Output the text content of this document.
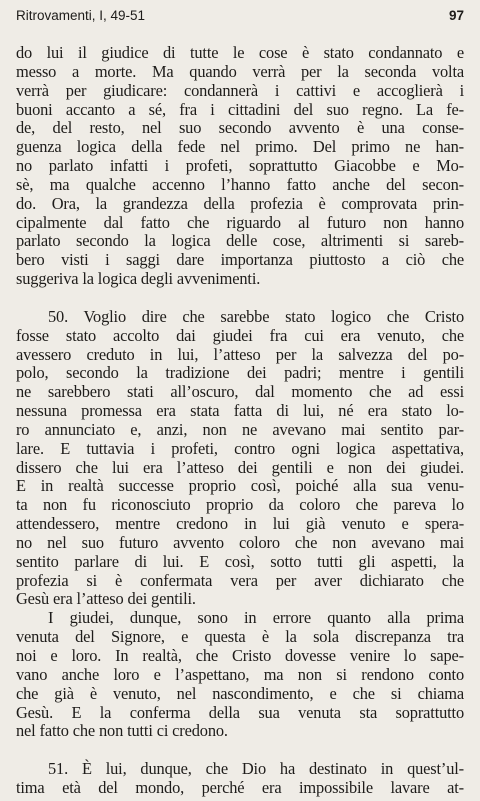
Ritrovamenti, I, 49-51	97
do lui il giudice di tutte le cose è stato condannato e
messo a morte. Ma quando verrà per la seconda volta
verrà per giudicare: condannerà i cattivi e accoglierà i
buoni accanto a sé, fra i cittadini del suo regno. La fe-
de, del resto, nel suo secondo avvento è una conse-
guenza logica della fede nel primo. Del primo ne han-
no parlato infatti i profeti, soprattutto Giacobbe e Mo-
sè, ma qualche accenno l’hanno fatto anche del secon-
do. Ora, la grandezza della profezia è comprovata prin-
cipalmente dal fatto che riguardo al futuro non hanno
parlato secondo la logica delle cose, altrimenti si sareb-
bero visti i saggi dare importanza piuttosto a ciò che
suggeriva la logica degli avvenimenti.
50. Voglio dire che sarebbe stato logico che Cristo
fosse stato accolto dai giudei fra cui era venuto, che
avessero creduto in lui, l’atteso per la salvezza del po-
polo, secondo la tradizione dei padri; mentre i gentili
ne sarebbero stati all’oscuro, dal momento che ad essi
nessuna promessa era stata fatta di lui, né era stato lo-
ro annunciato e, anzi, non ne avevano mai sentito par-
lare. E tuttavia i profeti, contro ogni logica aspettativa,
dissero che lui era l’atteso dei gentili e non dei giudei.
E in realtà successe proprio così, poiché alla sua venu-
ta non fu riconosciuto proprio da coloro che pareva lo
attendessero, mentre credono in lui già venuto e spera-
no nel suo futuro avvento coloro che non avevano mai
sentito parlare di lui. E così, sotto tutti gli aspetti, la
profezia si è confermata vera per aver dichiarato che
Gesù era l’atteso dei gentili.
I giudei, dunque, sono in errore quanto alla prima
venuta del Signore, e questa è la sola discrepanza tra
noi e loro. In realtà, che Cristo dovesse venire lo sape-
vano anche loro e l’aspettano, ma non si rendono conto
che già è venuto, nel nascondimento, e che si chiama
Gesù. E la conferma della sua venuta sta soprattutto
nel fatto che non tutti ci credono.
51. È lui, dunque, che Dio ha destinato in quest’ul-
tima età del mondo, perché era impossibile lavare at-
